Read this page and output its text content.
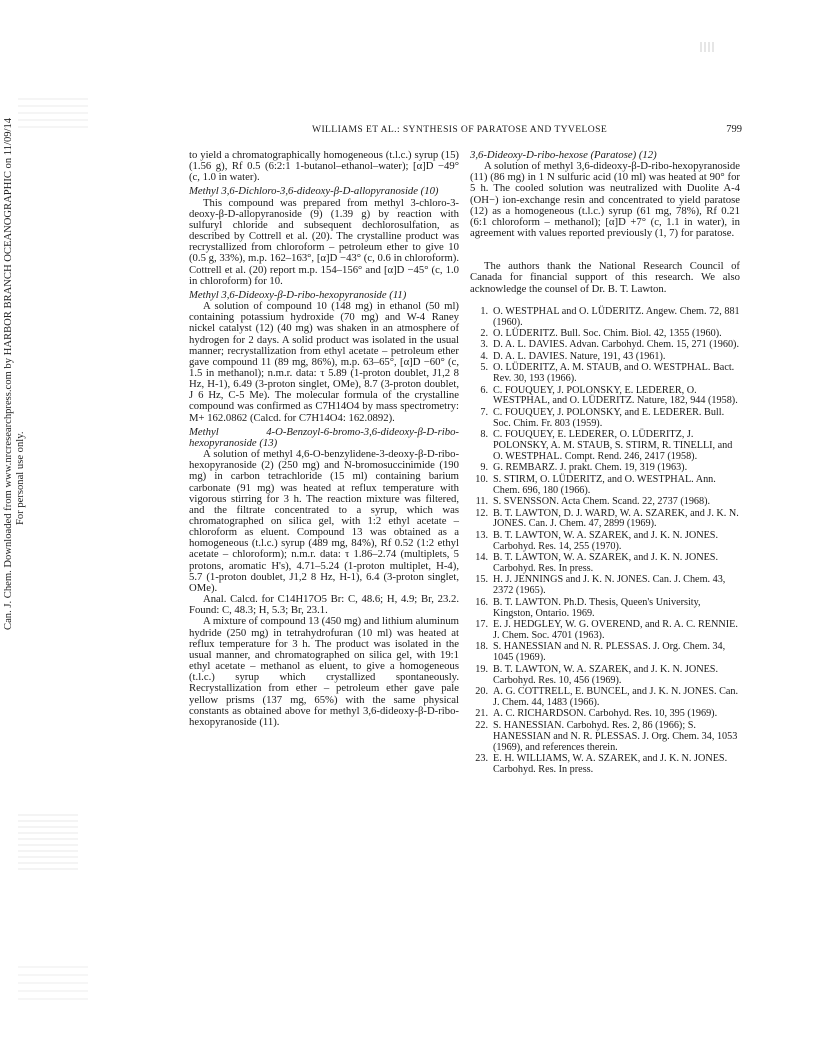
Can. J. Chem. Downloaded from www.nrcresearchpress.com by HARBOR BRANCH OCEANOGRAPHIC on 11/09/14 For personal use only.
WILLIAMS ET AL.: SYNTHESIS OF PARATOSE AND TYVELOSE	799

to yield a chromatographically homogeneous (t.l.c.) syrup (15) (1.56 g), Rf 0.5 (6:2:1 1-butanol–ethanol–water); [α]D −49° (c, 1.0 in water).

Methyl 3,6-Dichloro-3,6-dideoxy-β-D-allopyranoside (10)

This compound was prepared from methyl 3-chloro-3-deoxy-β-D-allopyranoside (9) (1.39 g) by reaction with sulfuryl chloride and subsequent dechlorosulfation, as described by Cottrell et al. (20). The crystalline product was recrystallized from chloroform – petroleum ether to give 10 (0.5 g, 33%), m.p. 162–163°, [α]D −43° (c, 0.6 in chloroform). Cottrell et al. (20) report m.p. 154–156° and [α]D −45° (c, 1.0 in chloroform) for 10.

Methyl 3,6-Dideoxy-β-D-ribo-hexopyranoside (11)

A solution of compound 10 (148 mg) in ethanol (50 ml) containing potassium hydroxide (70 mg) and W-4 Raney nickel catalyst (12) (40 mg) was shaken in an atmosphere of hydrogen for 2 days. A solid product was isolated in the usual manner; recrystallization from ethyl acetate – petroleum ether gave compound 11 (89 mg, 86%), m.p. 63–65°, [α]D −60° (c, 1.5 in methanol); n.m.r. data: τ 5.89 (1-proton doublet, J1,2 8 Hz, H-1), 6.49 (3-proton singlet, OMe), 8.7 (3-proton doublet, J 6 Hz, C-5 Me). The molecular formula of the crystalline compound was confirmed as C7H14O4 by mass spectrometry: M+ 162.0862 (Calcd. for C7H14O4: 162.0892).

Methyl 4-O-Benzoyl-6-bromo-3,6-dideoxy-β-D-ribo-hexopyranoside (13)

A solution of methyl 4,6-O-benzylidene-3-deoxy-β-D-ribo-hexopyranoside (2) (250 mg) and N-bromosuccinimide (190 mg) in carbon tetrachloride (15 ml) containing barium carbonate (91 mg) was heated at reflux temperature with vigorous stirring for 3 h. The reaction mixture was filtered, and the filtrate concentrated to a syrup, which was chromatographed on silica gel, with 1:2 ethyl acetate – chloroform as eluent. Compound 13 was obtained as a homogeneous (t.l.c.) syrup (489 mg, 84%), Rf 0.52 (1:2 ethyl acetate – chloroform); n.m.r. data: τ 1.86–2.74 (multiplets, 5 protons, aromatic H's), 4.71–5.24 (1-proton multiplet, H-4), 5.7 (1-proton doublet, J1,2 8 Hz, H-1), 6.4 (3-proton singlet, OMe).

Anal. Calcd. for C14H17O5 Br: C, 48.6; H, 4.9; Br, 23.2. Found: C, 48.3; H, 5.3; Br, 23.1.

A mixture of compound 13 (450 mg) and lithium aluminum hydride (250 mg) in tetrahydrofuran (10 ml) was heated at reflux temperature for 3 h. The product was isolated in the usual manner, and chromatographed on silica gel, with 19:1 ethyl acetate – methanol as eluent, to give a homogeneous (t.l.c.) syrup which crystallized spontaneously. Recrystallization from ether – petroleum ether gave pale yellow prisms (137 mg, 65%) with the same physical constants as obtained above for methyl 3,6-dideoxy-β-D-ribo-hexopyranoside (11).

3,6-Dideoxy-D-ribo-hexose (Paratose) (12)

A solution of methyl 3,6-dideoxy-β-D-ribo-hexopyranoside (11) (86 mg) in 1 N sulfuric acid (10 ml) was heated at 90° for 5 h. The cooled solution was neutralized with Duolite A-4 (OH−) ion-exchange resin and concentrated to yield paratose (12) as a homogeneous (t.l.c.) syrup (61 mg, 78%), Rf 0.21 (6:1 chloroform – methanol); [α]D +7° (c, 1.1 in water), in agreement with values reported previously (1, 7) for paratose.

The authors thank the National Research Council of Canada for financial support of this research. We also acknowledge the counsel of Dr. B. T. Lawton.

1. O. WESTPHAL and O. LÜDERITZ. Angew. Chem. 72, 881 (1960).
2. O. LÜDERITZ. Bull. Soc. Chim. Biol. 42, 1355 (1960).
3. D. A. L. DAVIES. Advan. Carbohyd. Chem. 15, 271 (1960).
4. D. A. L. DAVIES. Nature, 191, 43 (1961).
5. O. LÜDERITZ, A. M. STAUB, and O. WESTPHAL. Bact. Rev. 30, 193 (1966).
6. C. FOUQUEY, J. POLONSKY, E. LEDERER, O. WESTPHAL, and O. LÜDERITZ. Nature, 182, 944 (1958).
7. C. FOUQUEY, J. POLONSKY, and E. LEDERER. Bull. Soc. Chim. Fr. 803 (1959).
8. C. FOUQUEY, E. LEDERER, O. LÜDERITZ, J. POLONSKY, A. M. STAUB, S. STIRM, R. TINELLI, and O. WESTPHAL. Compt. Rend. 246, 2417 (1958).
9. G. REMBARZ. J. prakt. Chem. 19, 319 (1963).
10. S. STIRM, O. LÜDERITZ, and O. WESTPHAL. Ann. Chem. 696, 180 (1966).
11. S. SVENSSON. Acta Chem. Scand. 22, 2737 (1968).
12. B. T. LAWTON, D. J. WARD, W. A. SZAREK, and J. K. N. JONES. Can. J. Chem. 47, 2899 (1969).
13. B. T. LAWTON, W. A. SZAREK, and J. K. N. JONES. Carbohyd. Res. 14, 255 (1970).
14. B. T. LAWTON, W. A. SZAREK, and J. K. N. JONES. Carbohyd. Res. In press.
15. H. J. JENNINGS and J. K. N. JONES. Can. J. Chem. 43, 2372 (1965).
16. B. T. LAWTON. Ph.D. Thesis, Queen's University, Kingston, Ontario. 1969.
17. E. J. HEDGLEY, W. G. OVEREND, and R. A. C. RENNIE. J. Chem. Soc. 4701 (1963).
18. S. HANESSIAN and N. R. PLESSAS. J. Org. Chem. 34, 1045 (1969).
19. B. T. LAWTON, W. A. SZAREK, and J. K. N. JONES. Carbohyd. Res. 10, 456 (1969).
20. A. G. COTTRELL, E. BUNCEL, and J. K. N. JONES. Can. J. Chem. 44, 1483 (1966).
21. A. C. RICHARDSON. Carbohyd. Res. 10, 395 (1969).
22. S. HANESSIAN. Carbohyd. Res. 2, 86 (1966); S. HANESSIAN and N. R. PLESSAS. J. Org. Chem. 34, 1053 (1969), and references therein.
23. E. H. WILLIAMS, W. A. SZAREK, and J. K. N. JONES. Carbohyd. Res. In press.
